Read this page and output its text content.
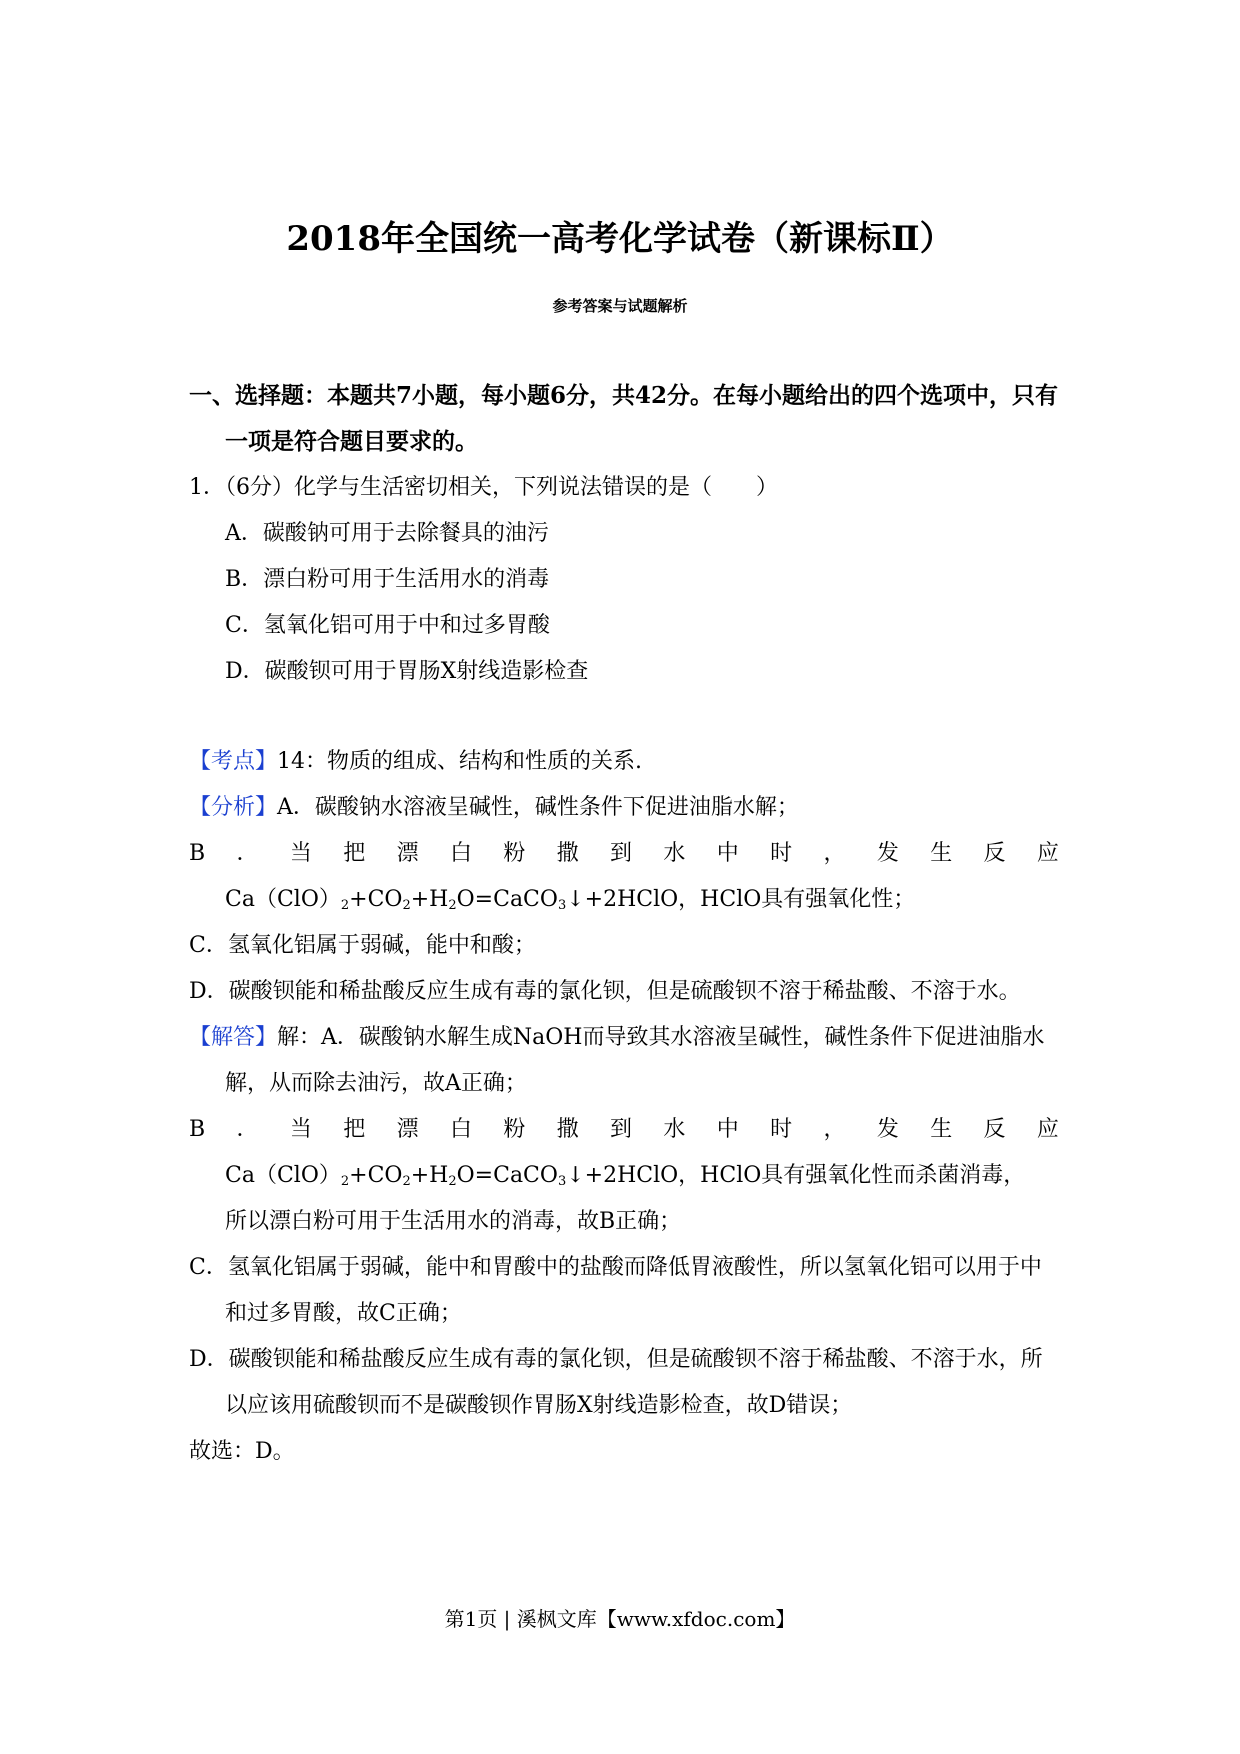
2018年全国统一高考化学试卷（新课标Ⅱ）
参考答案与试题解析
一、选择题：本题共7小题，每小题6分，共42分。在每小题给出的四个选项中，只有一项是符合题目要求的。
1．（6分）化学与生活密切相关，下列说法错误的是（　　）
A．碳酸钠可用于去除餐具的油污
B．漂白粉可用于生活用水的消毒
C．氢氧化铝可用于中和过多胃酸
D．碳酸钡可用于胃肠X射线造影检查
【考点】14：物质的组成、结构和性质的关系.
【分析】A．碳酸钠水溶液呈碱性，碱性条件下促进油脂水解；
B ． 当 把 漂 白 粉 撒 到 水 中 时 ， 发 生 反 应
$Ca(ClO)_2+CO_2+H_2O=CaCO_3↓+2HClO$，HClO具有强氧化性；
C．氢氧化铝属于弱碱，能中和酸；
D．碳酸钡能和稀盐酸反应生成有毒的氯化钡，但是硫酸钡不溶于稀盐酸、不溶于水。
【解答】解：A．碳酸钠水解生成NaOH而导致其水溶液呈碱性，碱性条件下促进油脂水解，从而除去油污，故A正确；
B ． 当 把 漂 白 粉 撒 到 水 中 时 ， 发 生 反 应
$Ca(ClO)_2+CO_2+H_2O=CaCO_3↓+2HClO$，HClO具有强氧化性而杀菌消毒，
所以漂白粉可用于生活用水的消毒，故B正确；
C．氢氧化铝属于弱碱，能中和胃酸中的盐酸而降低胃液酸性，所以氢氧化铝可以用于中和过多胃酸，故C正确；
D．碳酸钡能和稀盐酸反应生成有毒的氯化钡，但是硫酸钡不溶于稀盐酸、不溶于水，所以应该用硫酸钡而不是碳酸钡作胃肠X射线造影检查，故D错误；
故选：D。
第1页 | 溪枫文库【www.xfdoc.com】
